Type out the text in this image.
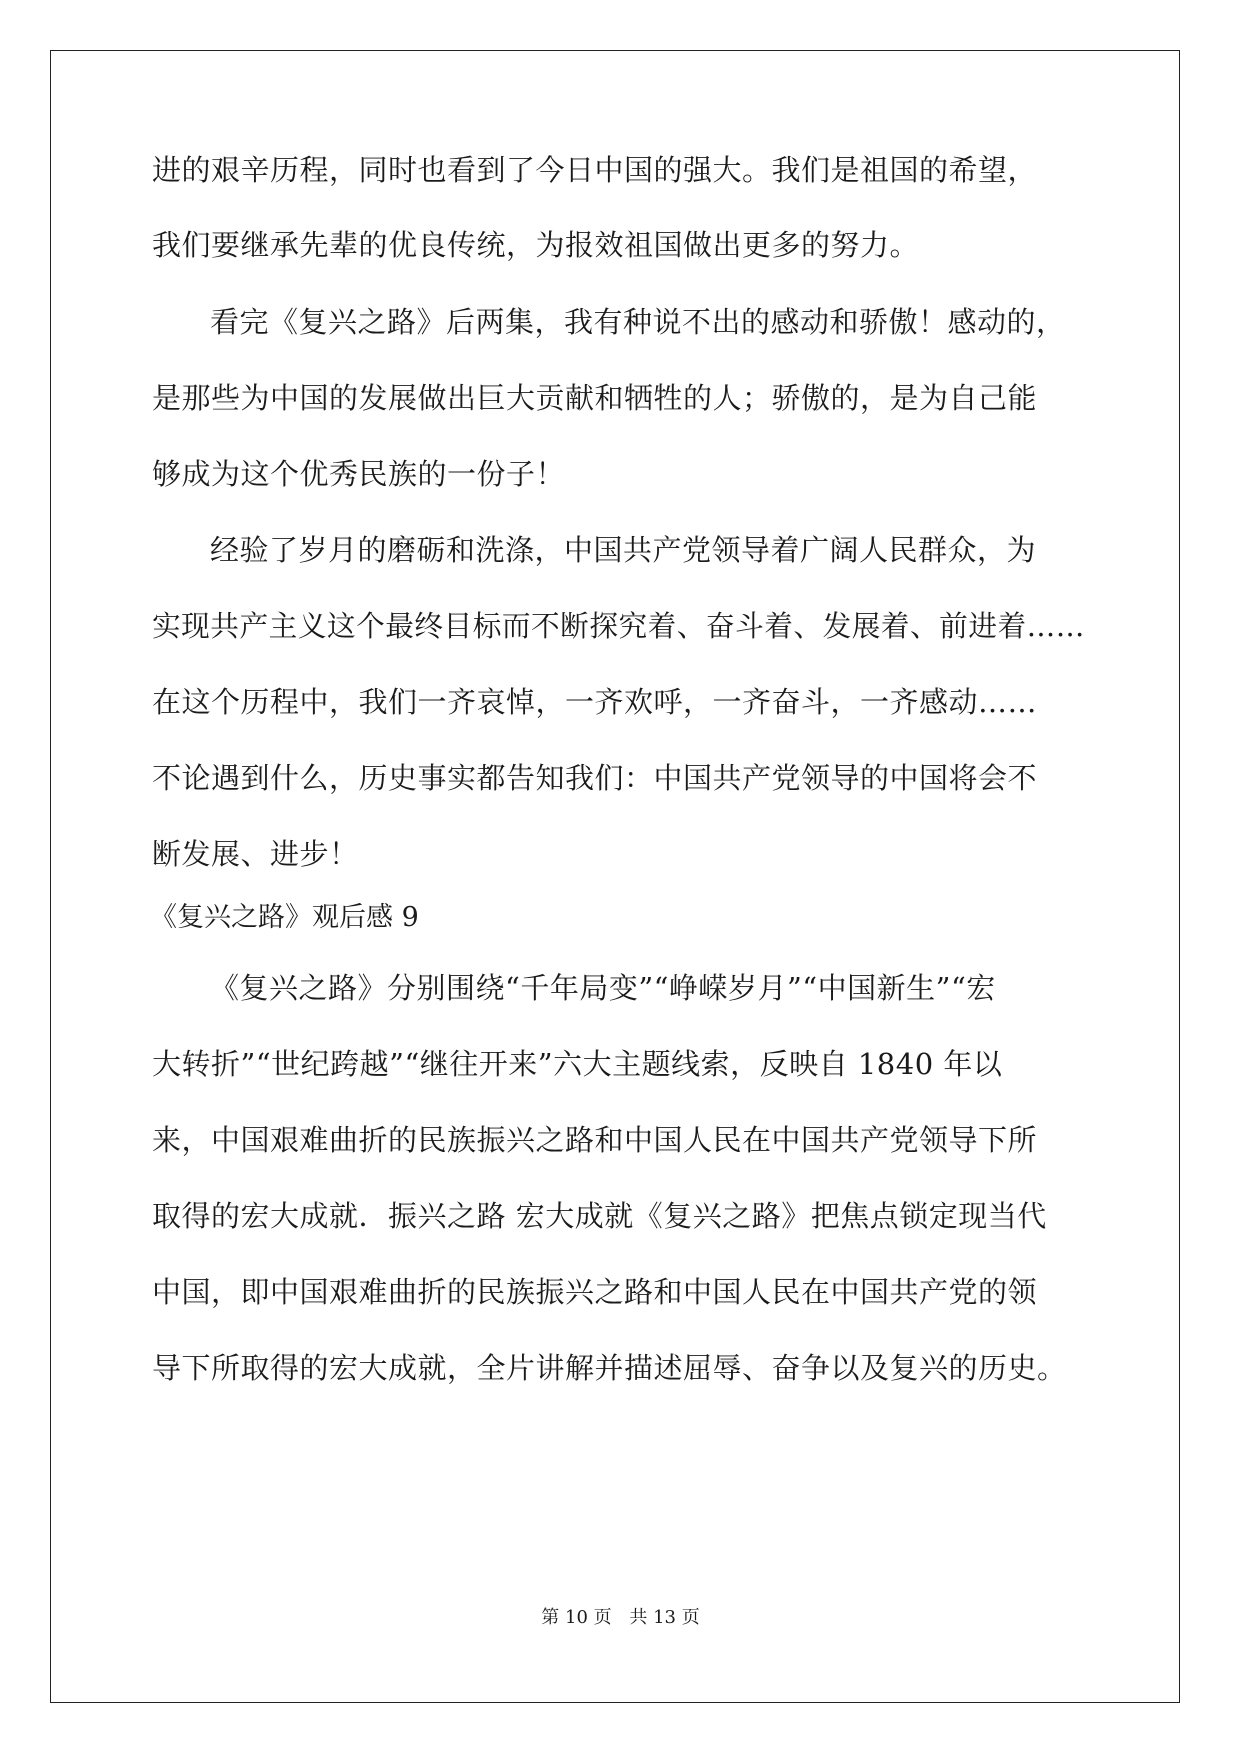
进的艰辛历程，同时也看到了今日中国的强大。我们是祖国的希望，
我们要继承先辈的优良传统，为报效祖国做出更多的努力。
看完《复兴之路》后两集，我有种说不出的感动和骄傲！感动的，
是那些为中国的发展做出巨大贡献和牺牲的人；骄傲的，是为自己能
够成为这个优秀民族的一份子！
经验了岁月的磨砺和洗涤，中国共产党领导着广阔人民群众，为
实现共产主义这个最终目标而不断探究着、奋斗着、发展着、前进着……
在这个历程中，我们一齐哀悼，一齐欢呼，一齐奋斗，一齐感动……
不论遇到什么，历史事实都告知我们：中国共产党领导的中国将会不
断发展、进步！
《复兴之路》观后感 9
《复兴之路》分别围绕“千年局变”“峥嵘岁月”“中国新生”“宏
大转折”“世纪跨越”“继往开来”六大主题线索，反映自 1840 年以
来，中国艰难曲折的民族振兴之路和中国人民在中国共产党领导下所
取得的宏大成就．振兴之路 宏大成就《复兴之路》把焦点锁定现当代
中国，即中国艰难曲折的民族振兴之路和中国人民在中国共产党的领
导下所取得的宏大成就，全片讲解并描述屈辱、奋争以及复兴的历史。
第 10 页 共 13 页
